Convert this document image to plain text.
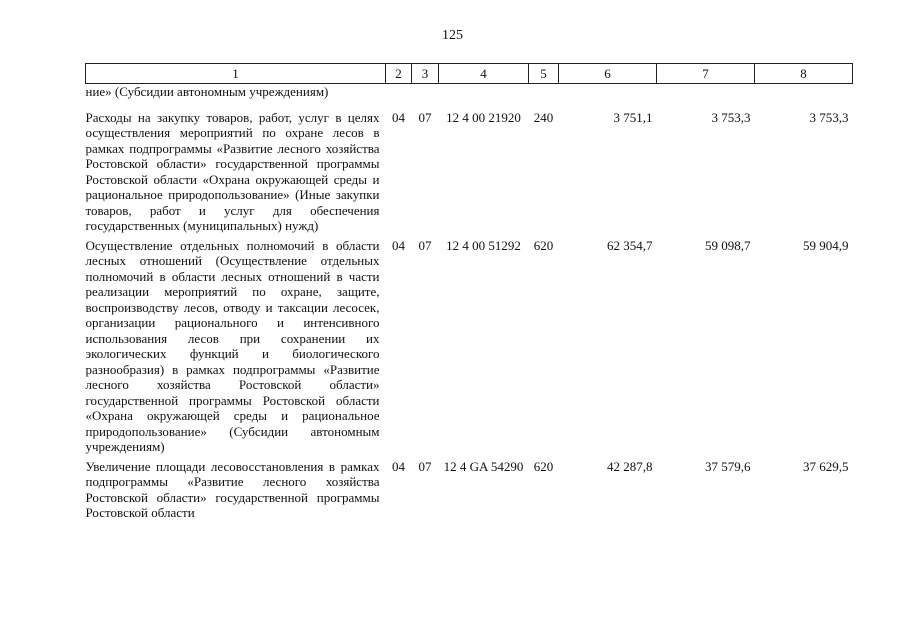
125
1	2	3	4	5	6	7	8
ние» (Субсидии автономным учреждениям)							
Расходы на закупку товаров, работ, услуг в целях осуществления мероприятий по охране лесов в рамках подпрограммы «Развитие лесного хозяйства Ростовской области» государственной программы Ростовской области «Охрана окружающей среды и рациональное природопользование» (Иные закупки товаров, работ и услуг для обеспечения государственных (муниципальных) нужд)	04	07	12 4 00 21920	240	3 751,1	3 753,3	3 753,3
Осуществление отдельных полномочий в области лесных отношений (Осуществление отдельных полномочий в области лесных отношений в части реализации мероприятий по охране, защите, воспроизводству лесов, отводу и таксации лесосек, организации рационального и интенсивного использования лесов при сохранении их экологических функций и биологического разнообразия) в рамках подпрограммы «Развитие лесного хозяйства Ростовской области» государственной программы Ростовской области «Охрана окружающей среды и рациональное природопользование» (Субсидии автономным учреждениям)	04	07	12 4 00 51292	620	62 354,7	59 098,7	59 904,9
Увеличение площади лесовосстановления в рамках подпрограммы «Развитие лесного хозяйства Ростовской области» государственной программы Ростовской области	04	07	12 4 GA 54290	620	42 287,8	37 579,6	37 629,5
